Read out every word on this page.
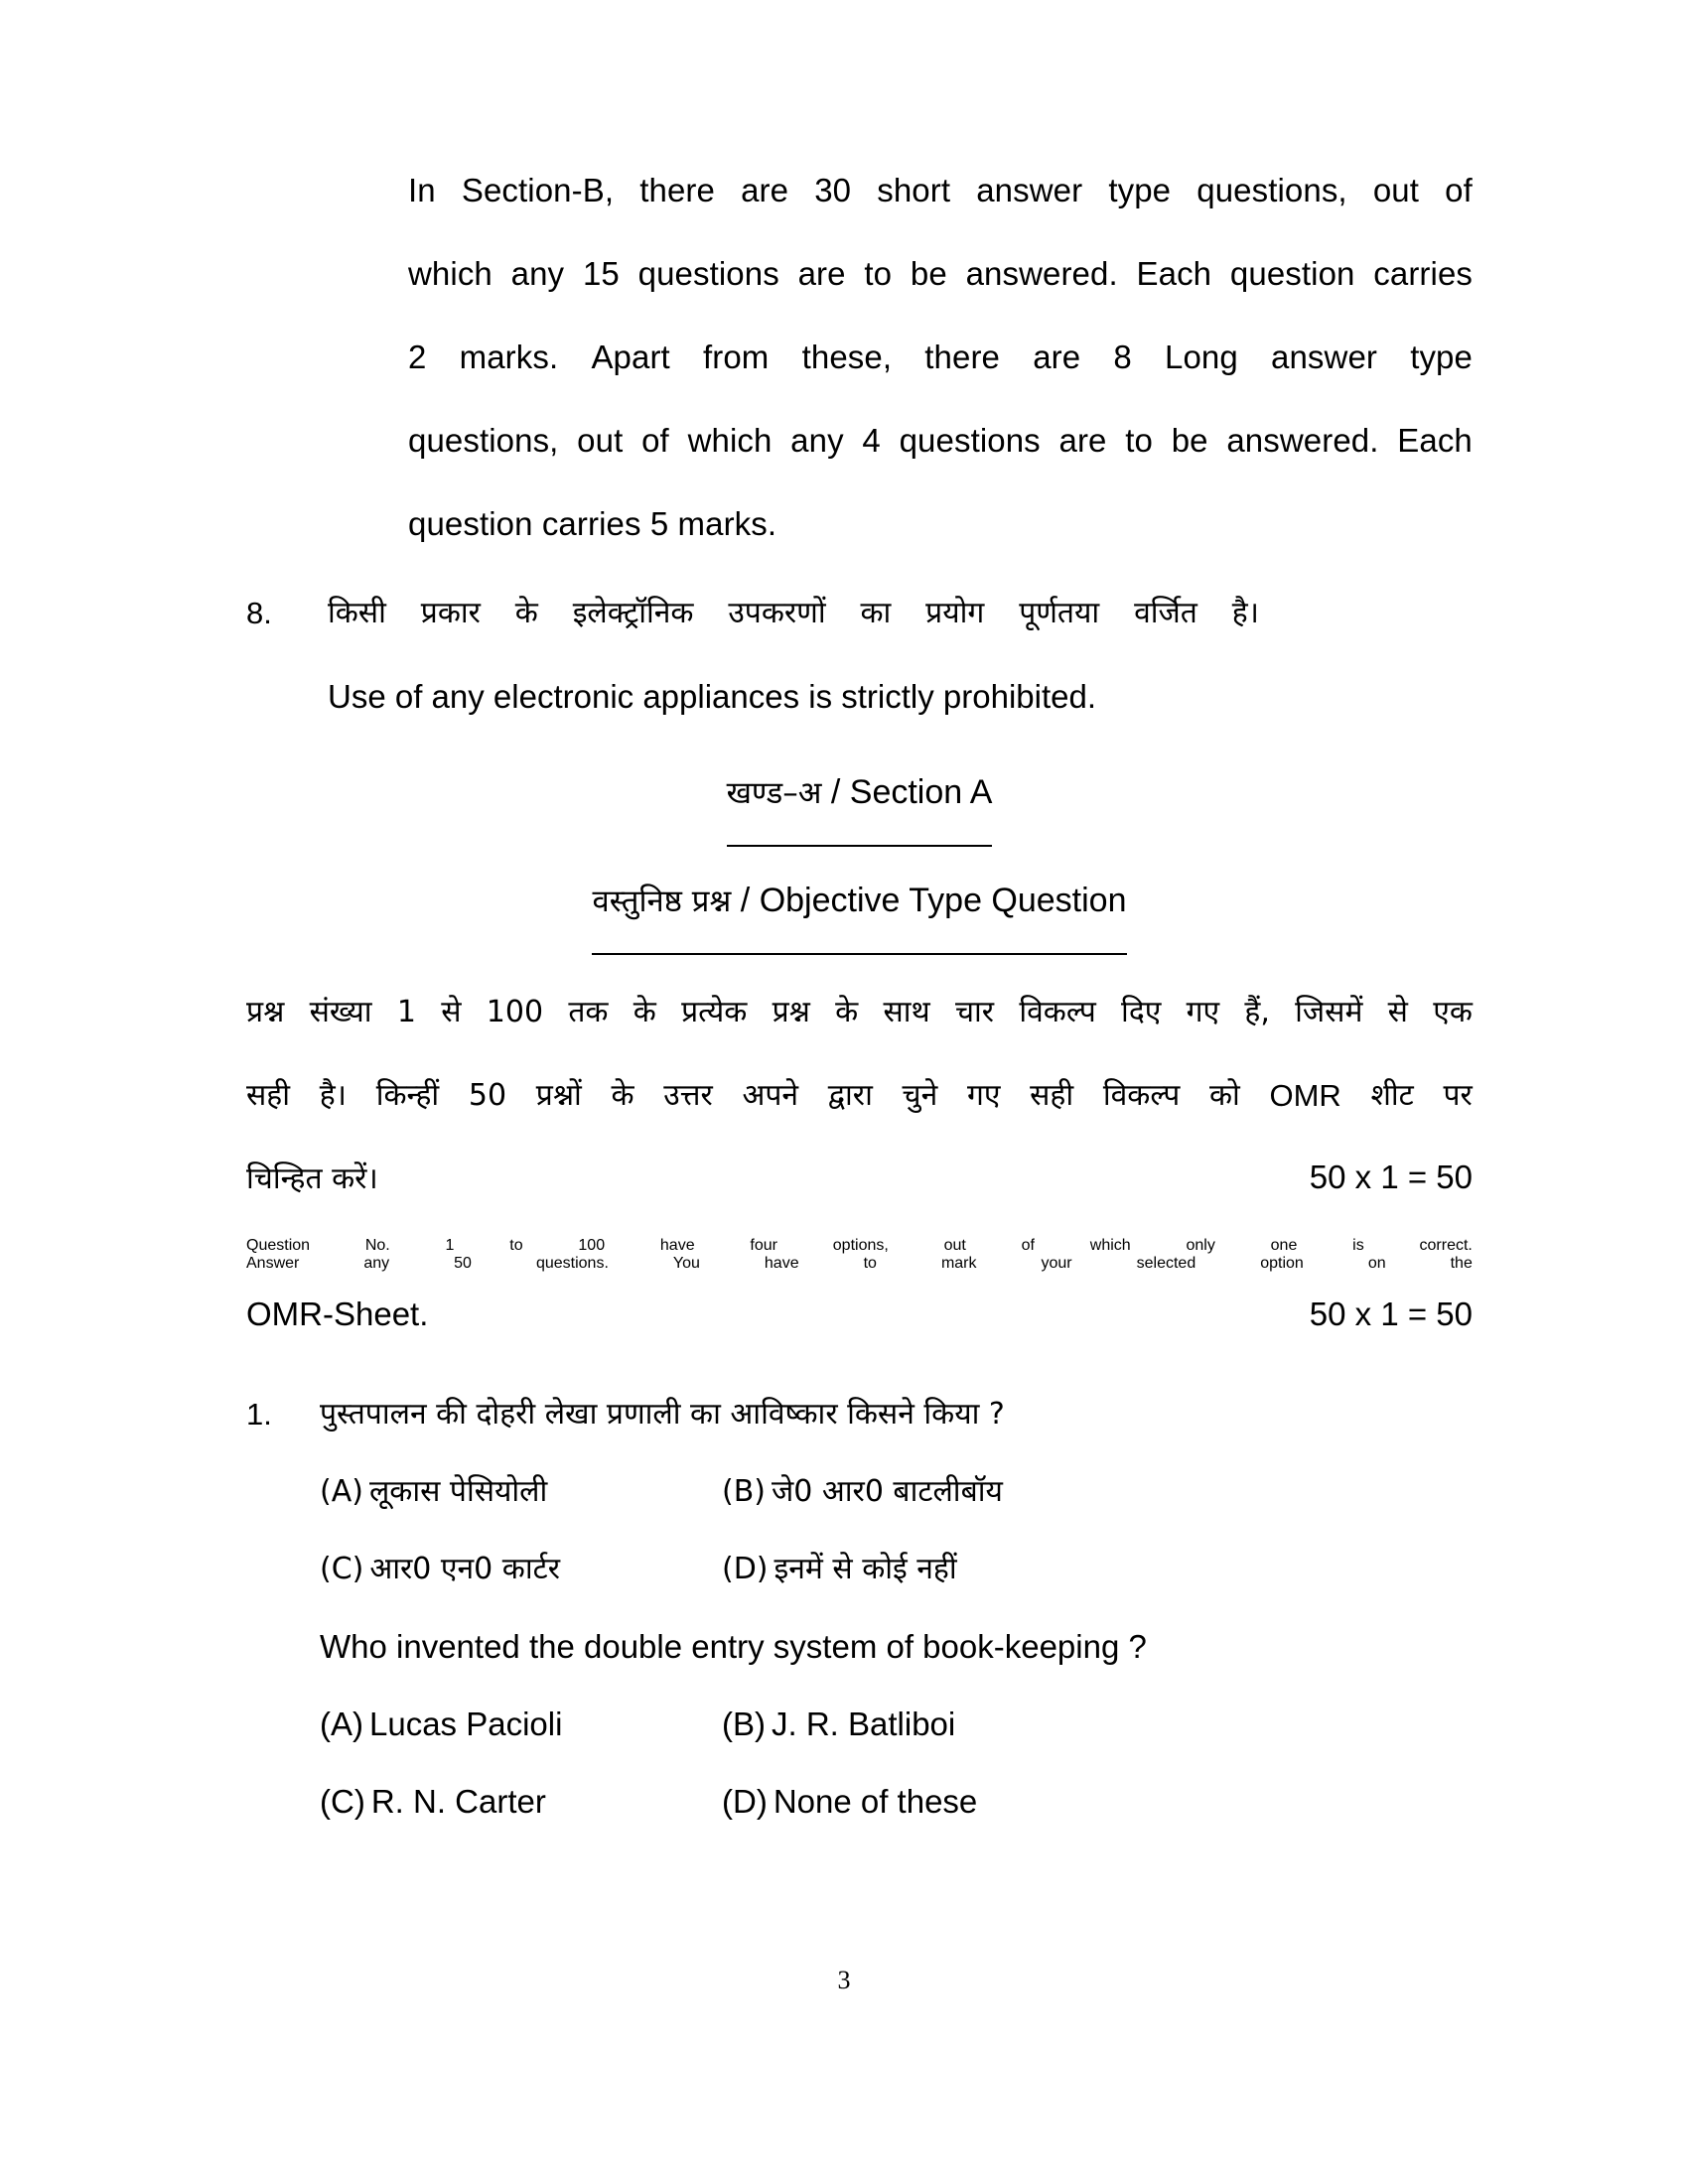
In Section-B, there are 30 short answer type questions, out of
which any 15 questions are to be answered. Each question carries
2 marks. Apart from these, there are 8 Long answer type
questions, out of which any 4 questions are to be answered. Each
question carries 5 marks.
8.	किसी प्रकार के इलेक्ट्रॉनिक उपकरणों का प्रयोग पूर्णतया वर्जित है।
Use of any electronic appliances is strictly prohibited.
खण्ड–अ / Section A
वस्तुनिष्ठ प्रश्न / Objective Type Question
प्रश्न संख्या 1 से 100 तक के प्रत्येक प्रश्न के साथ चार विकल्प दिए गए हैं, जिसमें से एक
सही है। किन्हीं 50 प्रश्नों के उत्तर अपने द्वारा चुने गए सही विकल्प को OMR शीट पर
चिन्हित करें।	50 x 1 = 50
Question	No.	1	to	100	have	four	options,	out	of	which	only	one	is	correct.
Answer	any	50	questions.	You	have	to	mark	your	selected	option	on	the
OMR-Sheet.	50 x 1 = 50
1.	पुस्तपालन की दोहरी लेखा प्रणाली का आविष्कार किसने किया ?
(A) लूकास पेसियोली	(B) जे0 आर0 बाटलीबॉय
(C) आर0 एन0 कार्टर	(D) इनमें से कोई नहीं
Who invented the double entry system of book-keeping ?
(A) Lucas Pacioli	(B) J. R. Batliboi
(C) R. N. Carter	(D) None of these
3
